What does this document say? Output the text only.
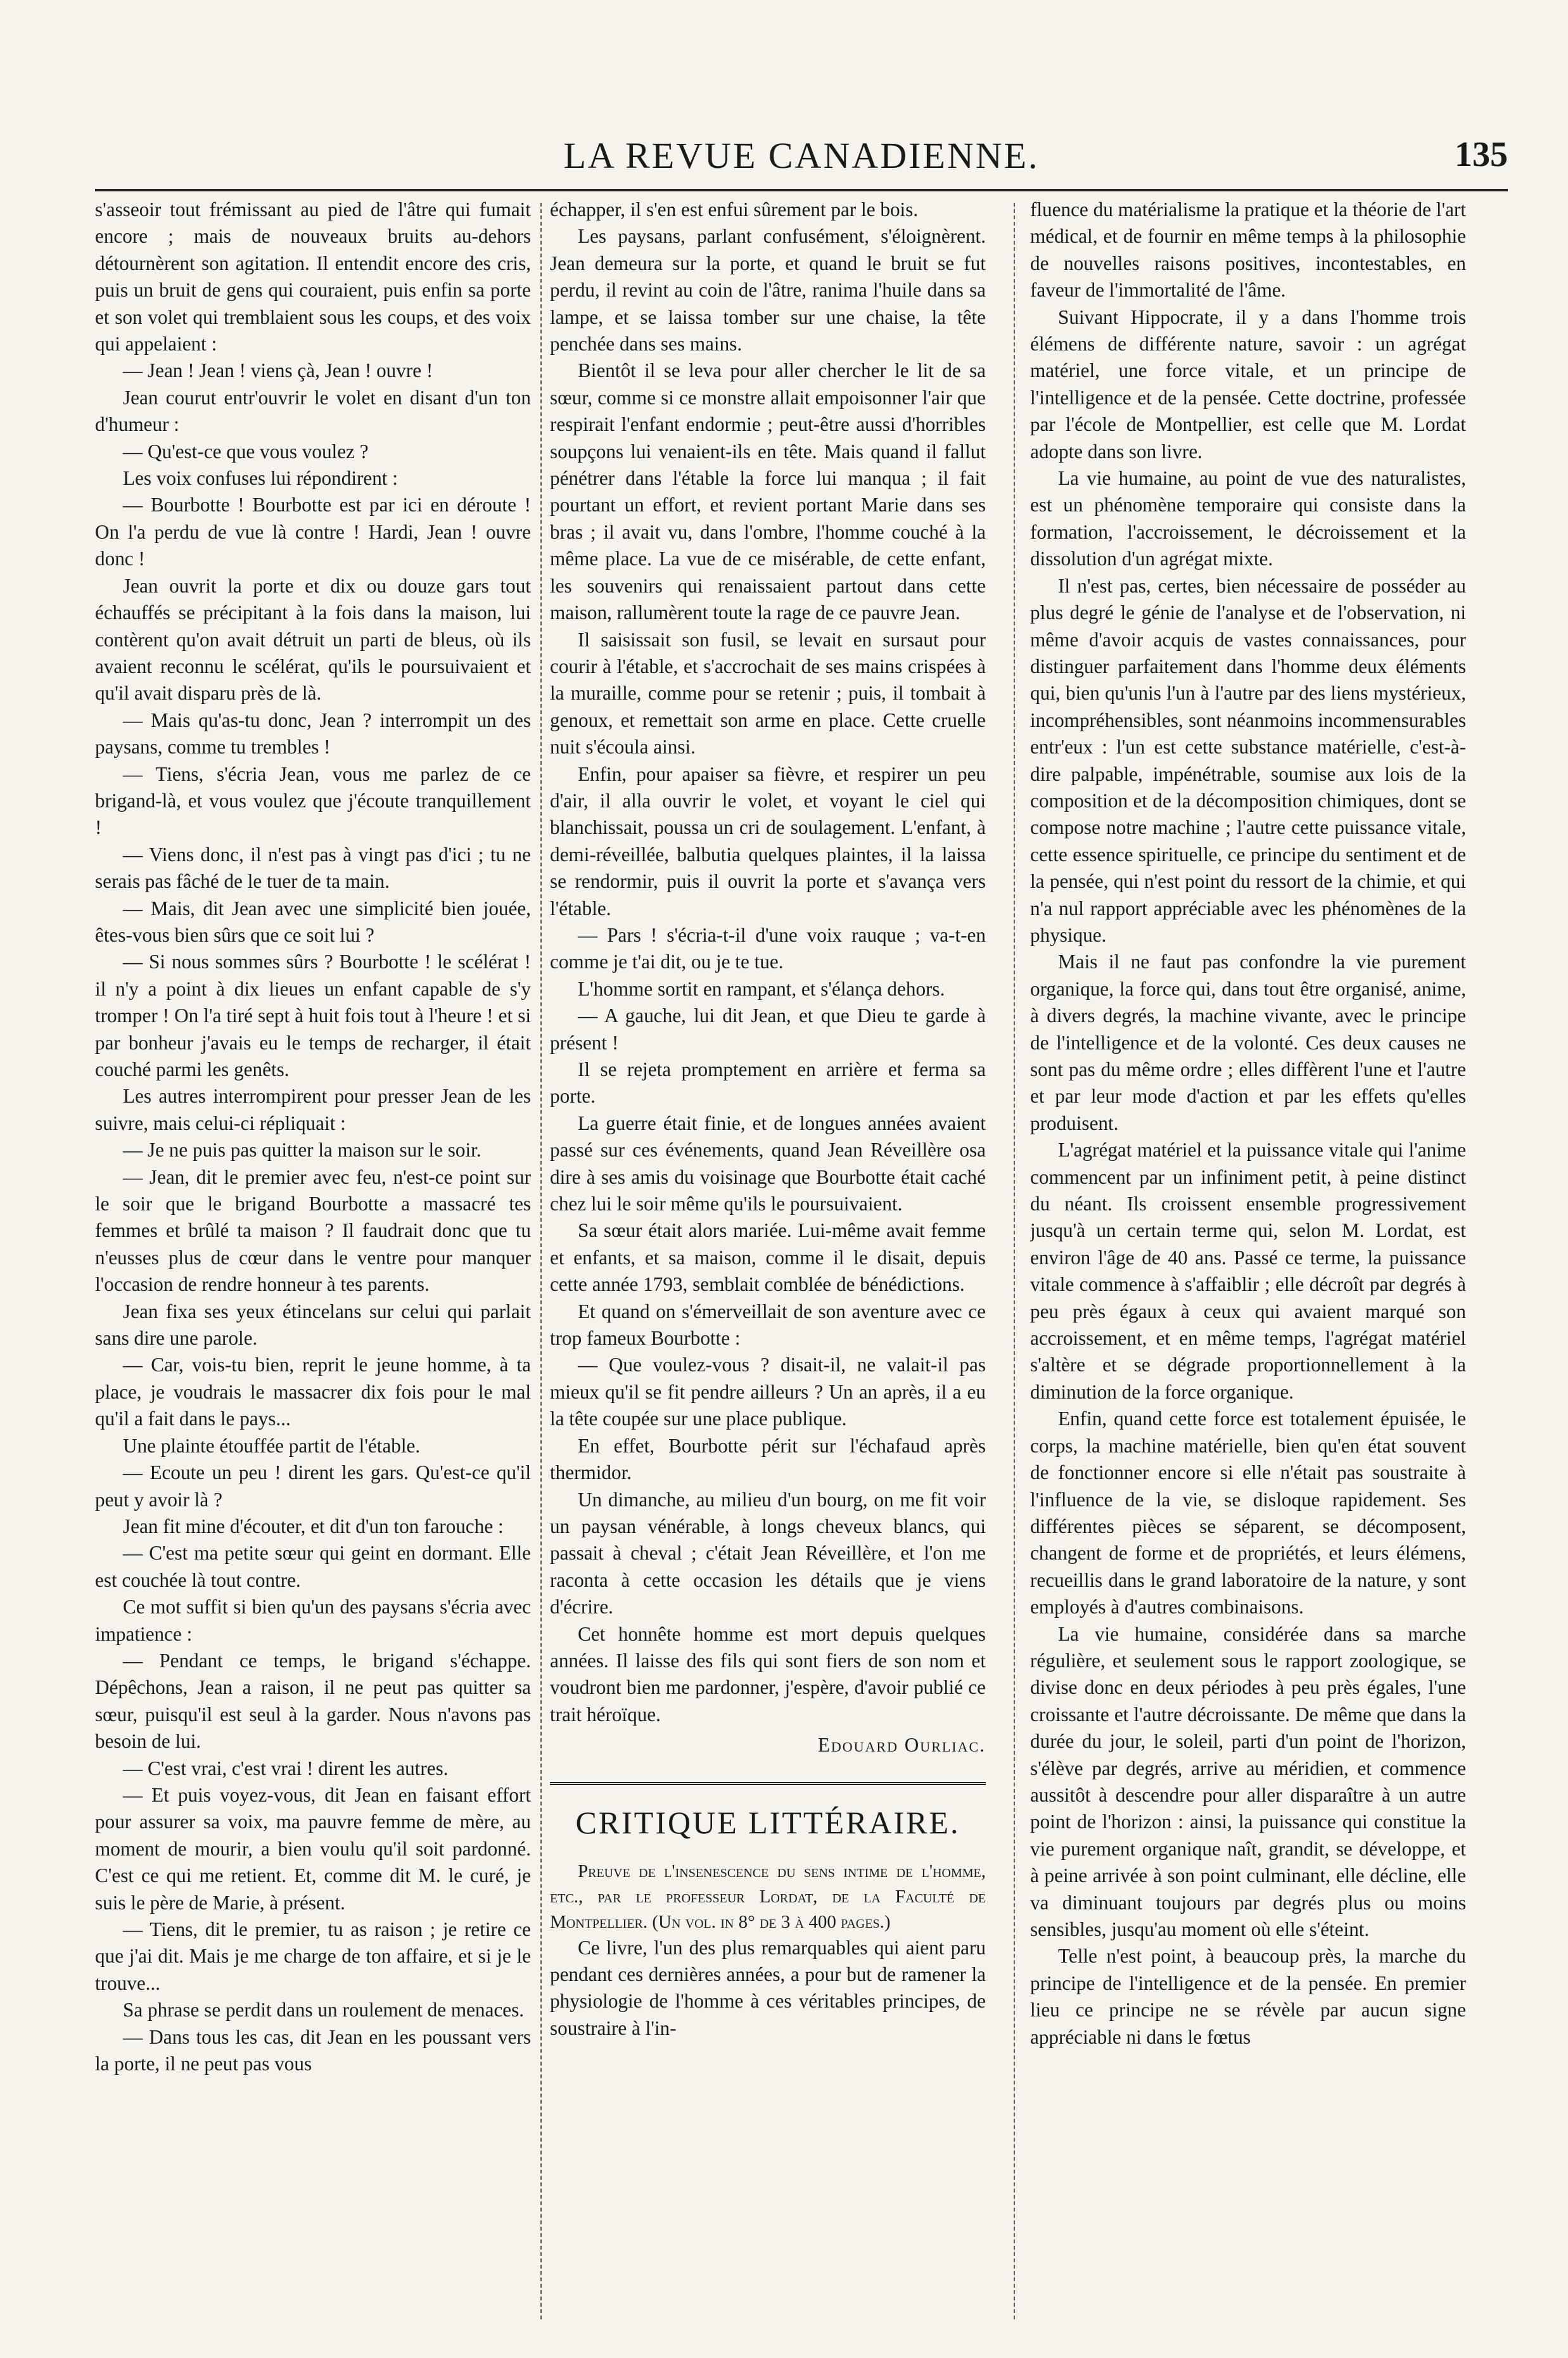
LA REVUE CANADIENNE.	135

s'asseoir tout frémissant au pied de l'âtre qui fumait encore ; mais de nouveaux bruits au-dehors détournèrent son agitation. Il entendit encore des cris, puis un bruit de gens qui couraient, puis enfin sa porte et son volet qui tremblaient sous les coups, et des voix qui appelaient :

— Jean ! Jean ! viens çà, Jean ! ouvre !

Jean courut entr'ouvrir le volet en disant d'un ton d'humeur :

— Qu'est-ce que vous voulez ?

Les voix confuses lui répondirent :

— Bourbotte ! Bourbotte est par ici en déroute ! On l'a perdu de vue là contre ! Hardi, Jean ! ouvre donc !

Jean ouvrit la porte et dix ou douze gars tout échauffés se précipitant à la fois dans la maison, lui contèrent qu'on avait détruit un parti de bleus, où ils avaient reconnu le scélérat, qu'ils le poursuivaient et qu'il avait disparu près de là.

— Mais qu'as-tu donc, Jean ? interrompit un des paysans, comme tu trembles !

— Tiens, s'écria Jean, vous me parlez de ce brigand-là, et vous voulez que j'écoute tranquillement !

— Viens donc, il n'est pas à vingt pas d'ici ; tu ne serais pas fâché de le tuer de ta main.

— Mais, dit Jean avec une simplicité bien jouée, êtes-vous bien sûrs que ce soit lui ?

— Si nous sommes sûrs ? Bourbotte ! le scélérat ! il n'y a point à dix lieues un enfant capable de s'y tromper ! On l'a tiré sept à huit fois tout à l'heure ! et si par bonheur j'avais eu le temps de recharger, il était couché parmi les genêts.

Les autres interrompirent pour presser Jean de les suivre, mais celui-ci répliquait :

— Je ne puis pas quitter la maison sur le soir.

— Jean, dit le premier avec feu, n'est-ce point sur le soir que le brigand Bourbotte a massacré tes femmes et brûlé ta maison ? Il faudrait donc que tu n'eusses plus de cœur dans le ventre pour manquer l'occasion de rendre honneur à tes parents.

Jean fixa ses yeux étincelans sur celui qui parlait sans dire une parole.

— Car, vois-tu bien, reprit le jeune homme, à ta place, je voudrais le massacrer dix fois pour le mal qu'il a fait dans le pays...

Une plainte étouffée partit de l'étable.

— Ecoute un peu ! dirent les gars. Qu'est-ce qu'il peut y avoir là ?

Jean fit mine d'écouter, et dit d'un ton farouche :

— C'est ma petite sœur qui geint en dormant. Elle est couchée là tout contre.

Ce mot suffit si bien qu'un des paysans s'écria avec impatience :

— Pendant ce temps, le brigand s'échappe. Dépêchons, Jean a raison, il ne peut pas quitter sa sœur, puisqu'il est seul à la garder. Nous n'avons pas besoin de lui.

— C'est vrai, c'est vrai ! dirent les autres.

— Et puis voyez-vous, dit Jean en faisant effort pour assurer sa voix, ma pauvre femme de mère, au moment de mourir, a bien voulu qu'il soit pardonné. C'est ce qui me retient. Et, comme dit M. le curé, je suis le père de Marie, à présent.

— Tiens, dit le premier, tu as raison ; je retire ce que j'ai dit. Mais je me charge de ton affaire, et si je le trouve...

Sa phrase se perdit dans un roulement de menaces.

— Dans tous les cas, dit Jean en les poussant vers la porte, il ne peut pas vous

échapper, il s'en est enfui sûrement par le bois.

Les paysans, parlant confusément, s'éloignèrent. Jean demeura sur la porte, et quand le bruit se fut perdu, il revint au coin de l'âtre, ranima l'huile dans sa lampe, et se laissa tomber sur une chaise, la tête penchée dans ses mains.

Bientôt il se leva pour aller chercher le lit de sa sœur, comme si ce monstre allait empoisonner l'air que respirait l'enfant endormie ; peut-être aussi d'horribles soupçons lui venaient-ils en tête. Mais quand il fallut pénétrer dans l'étable la force lui manqua ; il fait pourtant un effort, et revient portant Marie dans ses bras ; il avait vu, dans l'ombre, l'homme couché à la même place. La vue de ce misérable, de cette enfant, les souvenirs qui renaissaient partout dans cette maison, rallumèrent toute la rage de ce pauvre Jean.

Il saisissait son fusil, se levait en sursaut pour courir à l'étable, et s'accrochait de ses mains crispées à la muraille, comme pour se retenir ; puis, il tombait à genoux, et remettait son arme en place. Cette cruelle nuit s'écoula ainsi.

Enfin, pour apaiser sa fièvre, et respirer un peu d'air, il alla ouvrir le volet, et voyant le ciel qui blanchissait, poussa un cri de soulagement. L'enfant, à demi-réveillée, balbutia quelques plaintes, il la laissa se rendormir, puis il ouvrit la porte et s'avança vers l'étable.

— Pars ! s'écria-t-il d'une voix rauque ; va-t-en comme je t'ai dit, ou je te tue.

L'homme sortit en rampant, et s'élança dehors.

— A gauche, lui dit Jean, et que Dieu te garde à présent !

Il se rejeta promptement en arrière et ferma sa porte.

La guerre était finie, et de longues années avaient passé sur ces événements, quand Jean Réveillère osa dire à ses amis du voisinage que Bourbotte était caché chez lui le soir même qu'ils le poursuivaient.

Sa sœur était alors mariée. Lui-même avait femme et enfants, et sa maison, comme il le disait, depuis cette année 1793, semblait comblée de bénédictions.

Et quand on s'émerveillait de son aventure avec ce trop fameux Bourbotte :

— Que voulez-vous ? disait-il, ne valait-il pas mieux qu'il se fit pendre ailleurs ? Un an après, il a eu la tête coupée sur une place publique.

En effet, Bourbotte périt sur l'échafaud après thermidor.

Un dimanche, au milieu d'un bourg, on me fit voir un paysan vénérable, à longs cheveux blancs, qui passait à cheval ; c'était Jean Réveillère, et l'on me raconta à cette occasion les détails que je viens d'écrire.

Cet honnête homme est mort depuis quelques années. Il laisse des fils qui sont fiers de son nom et voudront bien me pardonner, j'espère, d'avoir publié ce trait héroïque.

Edouard Ourliac.

CRITIQUE LITTÉRAIRE.

Preuve de l'insenescence du sens intime de l'homme, etc., par le professeur Lordat, de la Faculté de Montpellier. (Un vol. in 8° de 3 à 400 pages.)

Ce livre, l'un des plus remarquables qui aient paru pendant ces dernières années, a pour but de ramener la physiologie de l'homme à ces véritables principes, de soustraire à l'in-

fluence du matérialisme la pratique et la théorie de l'art médical, et de fournir en même temps à la philosophie de nouvelles raisons positives, incontestables, en faveur de l'immortalité de l'âme.

Suivant Hippocrate, il y a dans l'homme trois élémens de différente nature, savoir : un agrégat matériel, une force vitale, et un principe de l'intelligence et de la pensée. Cette doctrine, professée par l'école de Montpellier, est celle que M. Lordat adopte dans son livre.

La vie humaine, au point de vue des naturalistes, est un phénomène temporaire qui consiste dans la formation, l'accroissement, le décroissement et la dissolution d'un agrégat mixte.

Il n'est pas, certes, bien nécessaire de posséder au plus degré le génie de l'analyse et de l'observation, ni même d'avoir acquis de vastes connaissances, pour distinguer parfaitement dans l'homme deux éléments qui, bien qu'unis l'un à l'autre par des liens mystérieux, incompréhensibles, sont néanmoins incommensurables entr'eux : l'un est cette substance matérielle, c'est-à-dire palpable, impénétrable, soumise aux lois de la composition et de la décomposition chimiques, dont se compose notre machine ; l'autre cette puissance vitale, cette essence spirituelle, ce principe du sentiment et de la pensée, qui n'est point du ressort de la chimie, et qui n'a nul rapport appréciable avec les phénomènes de la physique.

Mais il ne faut pas confondre la vie purement organique, la force qui, dans tout être organisé, anime, à divers degrés, la machine vivante, avec le principe de l'intelligence et de la volonté. Ces deux causes ne sont pas du même ordre ; elles diffèrent l'une et l'autre et par leur mode d'action et par les effets qu'elles produisent.

L'agrégat matériel et la puissance vitale qui l'anime commencent par un infiniment petit, à peine distinct du néant. Ils croissent ensemble progressivement jusqu'à un certain terme qui, selon M. Lordat, est environ l'âge de 40 ans. Passé ce terme, la puissance vitale commence à s'affaiblir ; elle décroît par degrés à peu près égaux à ceux qui avaient marqué son accroissement, et en même temps, l'agrégat matériel s'altère et se dégrade proportionnellement à la diminution de la force organique.

Enfin, quand cette force est totalement épuisée, le corps, la machine matérielle, bien qu'en état souvent de fonctionner encore si elle n'était pas soustraite à l'influence de la vie, se disloque rapidement. Ses différentes pièces se séparent, se décomposent, changent de forme et de propriétés, et leurs élémens, recueillis dans le grand laboratoire de la nature, y sont employés à d'autres combinaisons.

La vie humaine, considérée dans sa marche régulière, et seulement sous le rapport zoologique, se divise donc en deux périodes à peu près égales, l'une croissante et l'autre décroissante. De même que dans la durée du jour, le soleil, parti d'un point de l'horizon, s'élève par degrés, arrive au méridien, et commence aussitôt à descendre pour aller disparaître à un autre point de l'horizon : ainsi, la puissance qui constitue la vie purement organique naît, grandit, se développe, et à peine arrivée à son point culminant, elle décline, elle va diminuant toujours par degrés plus ou moins sensibles, jusqu'au moment où elle s'éteint.

Telle n'est point, à beaucoup près, la marche du principe de l'intelligence et de la pensée. En premier lieu ce principe ne se révèle par aucun signe appréciable ni dans le fœtus
